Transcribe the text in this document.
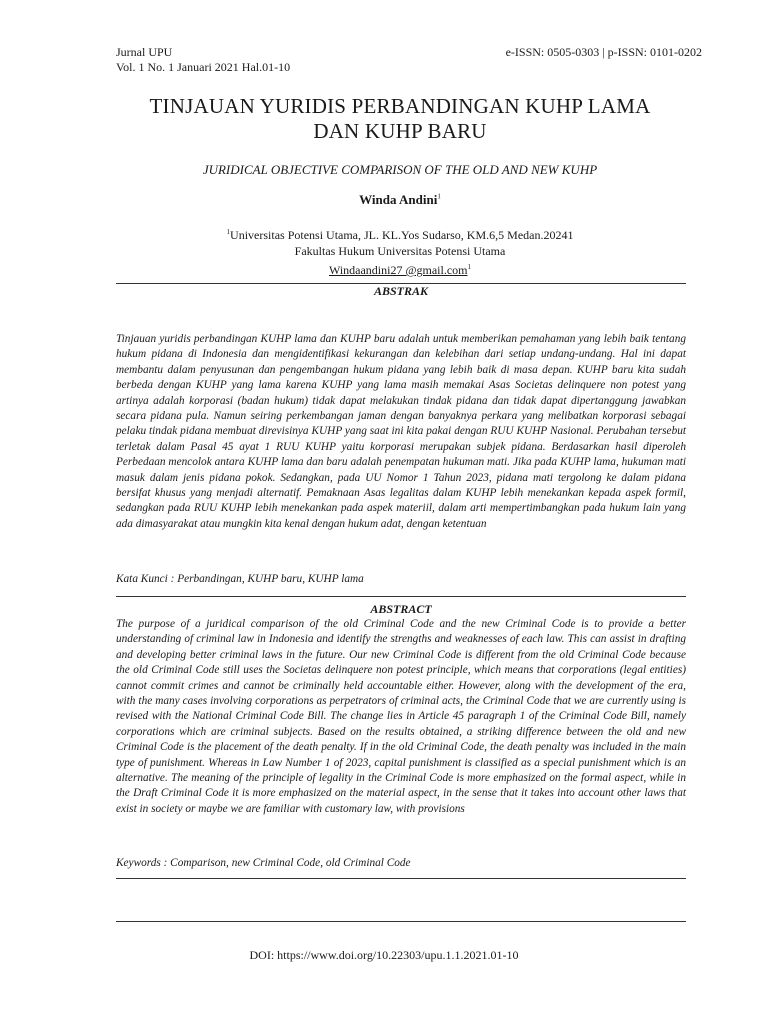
Jurnal UPU
Vol. 1 No. 1 Januari 2021 Hal.01-10
e-ISSN: 0505-0303 | p-ISSN: 0101-0202
TINJAUAN YURIDIS PERBANDINGAN KUHP LAMA
DAN KUHP BARU
JURIDICAL OBJECTIVE COMPARISON OF THE OLD AND NEW KUHP
Winda Andini$^1$
$^1$Universitas Potensi Utama, JL. KL.Yos Sudarso, KM.6,5 Medan.20241
Fakultas Hukum Universitas Potensi Utama
Windaandini27 @gmail.com$^1$
ABSTRAK
Tinjauan yuridis perbandingan KUHP lama dan KUHP baru adalah untuk memberikan pemahaman yang lebih baik tentang hukum pidana di Indonesia dan mengidentifikasi kekurangan dan kelebihan dari setiap undang-undang. Hal ini dapat membantu dalam penyusunan dan pengembangan hukum pidana yang lebih baik di masa depan. KUHP baru kita sudah berbeda dengan KUHP yang lama karena KUHP yang lama masih memakai Asas Societas delinquere non potest yang artinya adalah korporasi (badan hukum) tidak dapat melakukan tindak pidana dan tidak dapat dipertanggung jawabkan secara pidana pula. Namun seiring perkembangan jaman dengan banyaknya perkara yang melibatkan korporasi sebagai pelaku tindak pidana membuat direvisinya KUHP yang saat ini kita pakai dengan RUU KUHP Nasional. Perubahan tersebut terletak dalam Pasal 45 ayat 1 RUU KUHP yaitu korporasi merupakan subjek pidana. Berdasarkan hasil diperoleh Perbedaan mencolok antara KUHP lama dan baru adalah penempatan hukuman mati. Jika pada KUHP lama, hukuman mati masuk dalam jenis pidana pokok. Sedangkan, pada UU Nomor 1 Tahun 2023, pidana mati tergolong ke dalam pidana bersifat khusus yang menjadi alternatif. Pemaknaan Asas legalitas dalam KUHP lebih menekankan kepada aspek formil, sedangkan pada RUU KUHP lebih menekankan pada aspek materiil, dalam arti mempertimbangkan pada hukum lain yang ada dimasyarakat atau mungkin kita kenal dengan hukum adat, dengan ketentuan
Kata Kunci : Perbandingan, KUHP baru, KUHP lama
ABSTRACT
The purpose of a juridical comparison of the old Criminal Code and the new Criminal Code is to provide a better understanding of criminal law in Indonesia and identify the strengths and weaknesses of each law. This can assist in drafting and developing better criminal laws in the future. Our new Criminal Code is different from the old Criminal Code because the old Criminal Code still uses the Societas delinquere non potest principle, which means that corporations (legal entities) cannot commit crimes and cannot be criminally held accountable either. However, along with the development of the era, with the many cases involving corporations as perpetrators of criminal acts, the Criminal Code that we are currently using is revised with the National Criminal Code Bill. The change lies in Article 45 paragraph 1 of the Criminal Code Bill, namely corporations which are criminal subjects. Based on the results obtained, a striking difference between the old and new Criminal Code is the placement of the death penalty. If in the old Criminal Code, the death penalty was included in the main type of punishment. Whereas in Law Number 1 of 2023, capital punishment is classified as a special punishment which is an alternative. The meaning of the principle of legality in the Criminal Code is more emphasized on the formal aspect, while in the Draft Criminal Code it is more emphasized on the material aspect, in the sense that it takes into account other laws that exist in society or maybe we are familiar with customary law, with provisions
Keywords : Comparison, new Criminal Code, old Criminal Code
DOI: https://www.doi.org/10.22303/upu.1.1.2021.01-10
